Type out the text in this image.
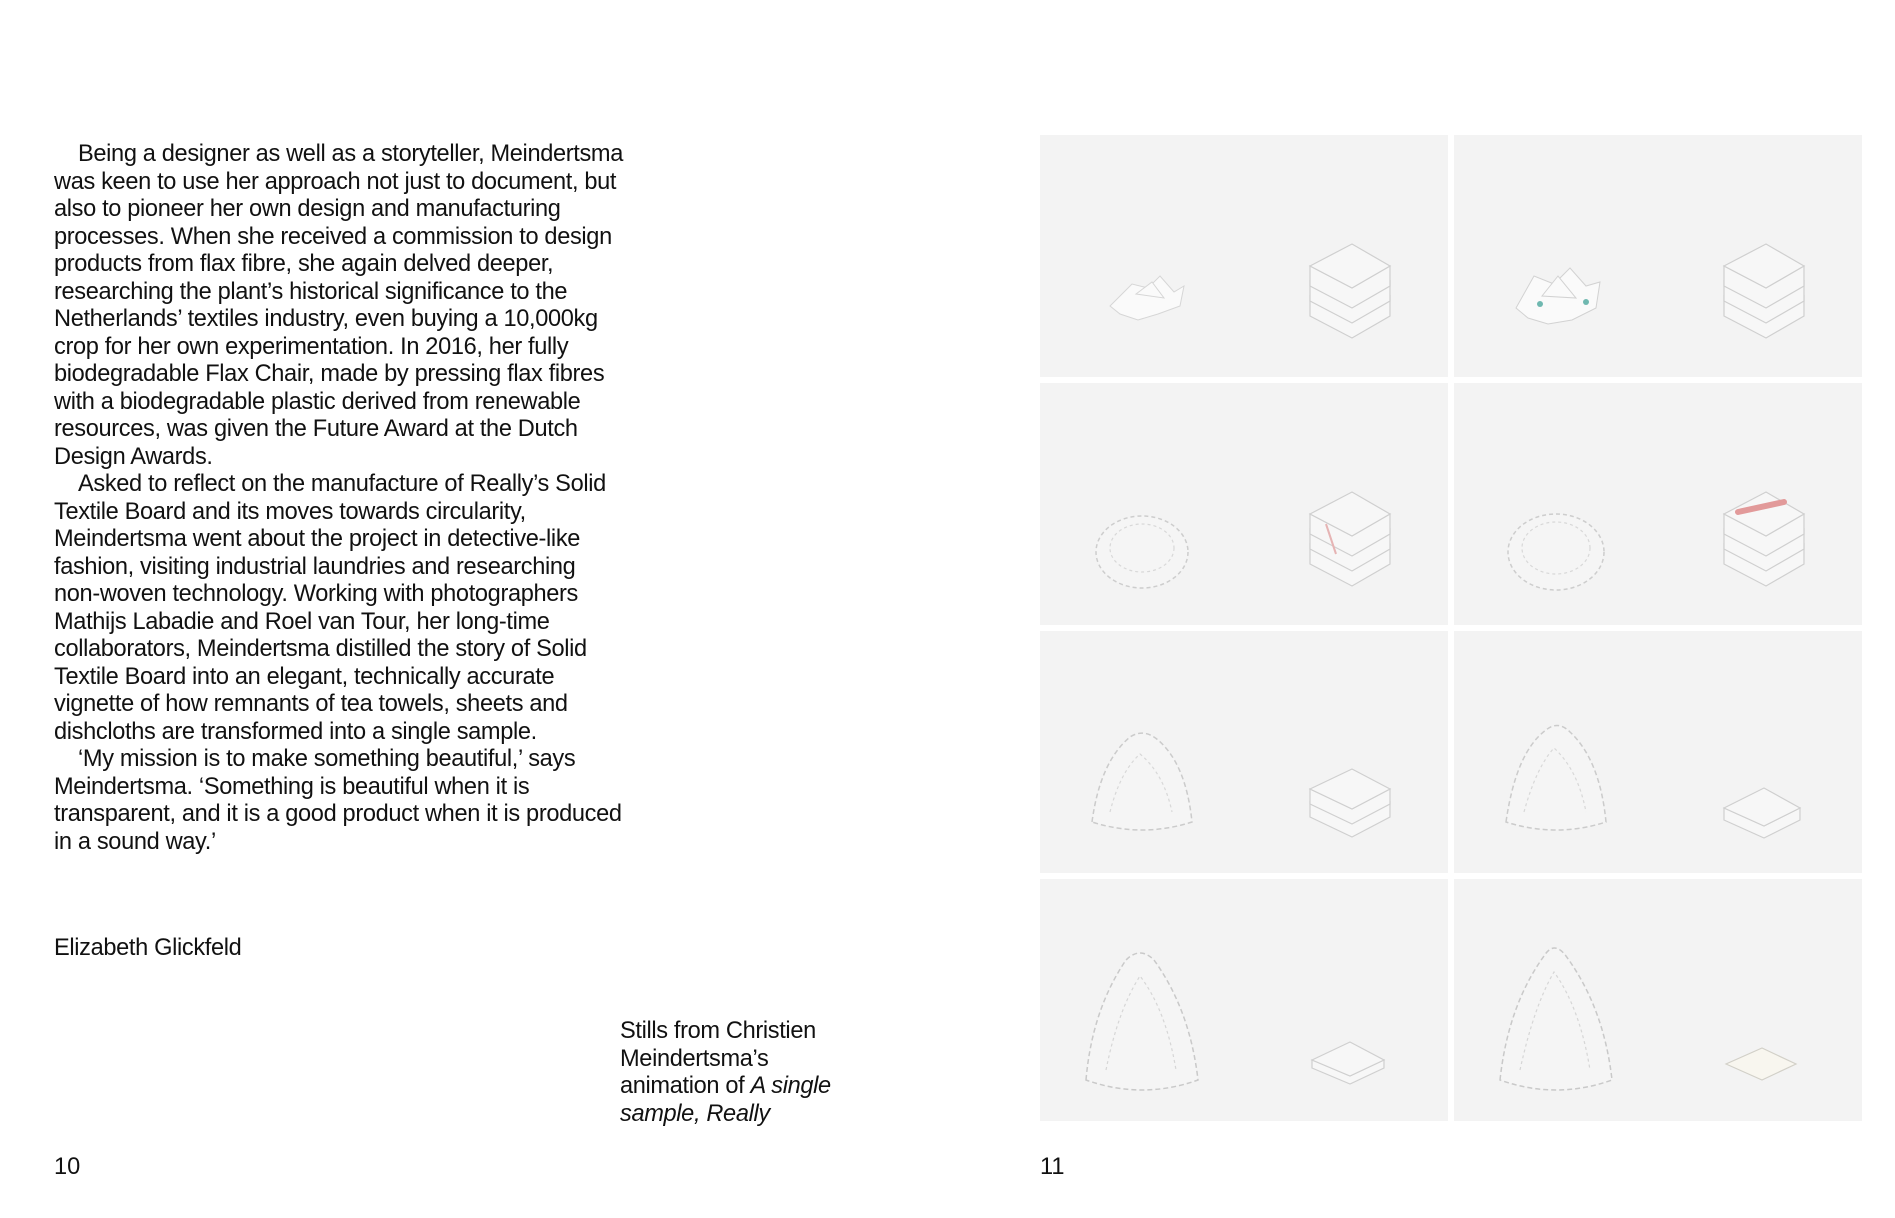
Being a designer as well as a storyteller, Meindertsma was keen to use her approach not just to document, but also to pioneer her own design and manufacturing processes. When she received a commission to design products from flax fibre, she again delved deeper, researching the plant’s historical significance to the Netherlands’ textiles industry, even buying a 10,000kg crop for her own experimentation. In 2016, her fully biodegradable Flax Chair, made by pressing flax fibres with a biodegradable plastic derived from renewable resources, was given the Future Award at the Dutch Design Awards.

Asked to reflect on the manufacture of Really’s Solid Textile Board and its moves towards circularity, Meindertsma went about the project in detective-like fashion, visiting industrial laundries and researching non-woven technology. Working with photographers Mathijs Labadie and Roel van Tour, her long-time collaborators, Meindertsma distilled the story of Solid Textile Board into an elegant, technically accurate vignette of how remnants of tea towels, sheets and dishcloths are transformed into a single sample.

‘My mission is to make something beautiful,’ says Meindertsma. ‘Something is beautiful when it is transparent, and it is a good product when it is produced in a sound way.’

Elizabeth Glickfeld
Stills from Christien Meindertsma’s animation of A single sample, Really
10	11
